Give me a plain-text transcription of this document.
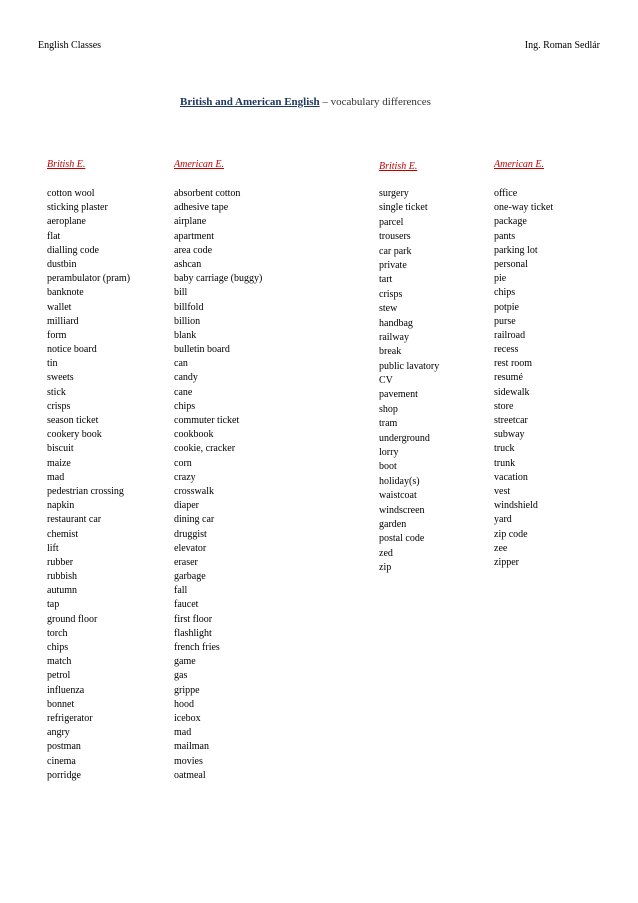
English Classes	Ing. Roman Sedlár
British and American English – vocabulary differences
British E.
cotton wool
sticking plaster
aeroplane
flat
dialling code
dustbin
perambulator (pram)
banknote
wallet
milliard
form
notice board
tin
sweets
stick
crisps
season ticket
cookery book
biscuit
maize
mad
pedestrian crossing
napkin
restaurant car
chemist
lift
rubber
rubbish
autumn
tap
ground floor
torch
chips
match
petrol
influenza
bonnet
refrigerator
angry
postman
cinema
porridge
American E.
absorbent cotton
adhesive tape
airplane
apartment
area code
ashcan
baby carriage (buggy)
bill
billfold
billion
blank
bulletin board
can
candy
cane
chips
commuter ticket
cookbook
cookie, cracker
corn
crazy
crosswalk
diaper
dining car
druggist
elevator
eraser
garbage
fall
faucet
first floor
flashlight
french fries
game
gas
grippe
hood
icebox
mad
mailman
movies
oatmeal
British E.
surgery
single ticket
parcel
trousers
car park
private
tart
crisps
stew
handbag
railway
break
public lavatory
CV
pavement
shop
tram
underground
lorry
boot
holiday(s)
waistcoat
windscreen
garden
postal code
zed
zip
American E.
office
one-way ticket
package
pants
parking lot
personal
pie
chips
potpie
purse
railroad
recess
rest room
resumé
sidewalk
store
streetcar
subway
truck
trunk
vacation
vest
windshield
yard
zip code
zee
zipper
